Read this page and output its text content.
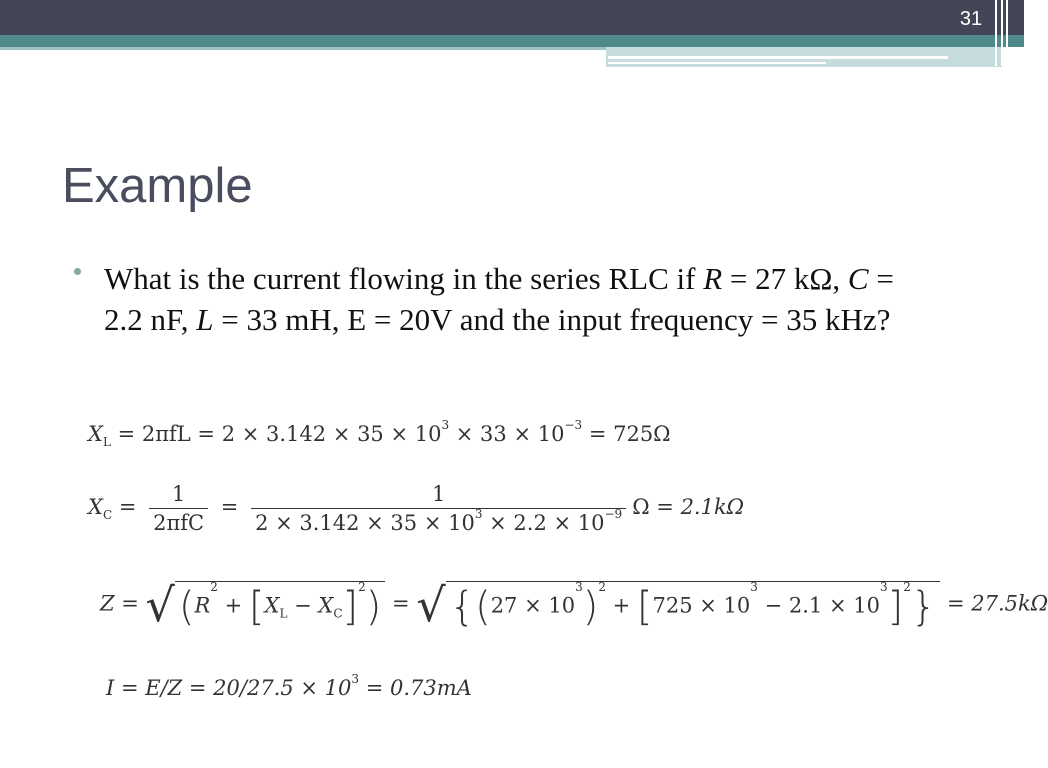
31
Example
What is the current flowing in the series RLC if R = 27 kΩ, C = 2.2 nF, L = 33 mH, E = 20V and the input frequency = 35 kHz?
$X_L = 2\pi fL = 2 \times 3.142 \times 35 \times 10^3 \times 33 \times 10^{-3} = 725\Omega$
$X_C = \frac{1}{\text{2πfC}} = \frac{1}{2 \times 3.142 \times 35 \times 10^3 \times 2.2 \times 10^{-9}}$ Ω = 2.1kΩ
Z = √ $(R^2 + [X_L - X_C]^2)$ = √ $\{(27 \times 10^3)^2 + [725 \times 10^3 - 2.1 \times 10^3]^2\} = 27.5k\Omega$
$I = E/Z = 20/27.5 \times 10^3 = 0.73mA$
